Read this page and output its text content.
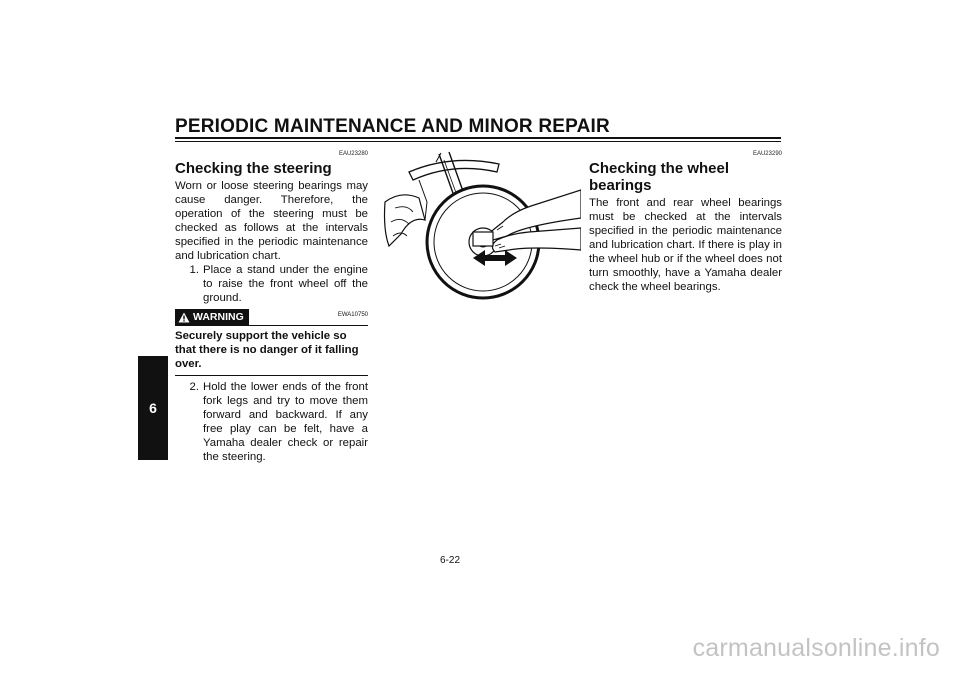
PERIODIC MAINTENANCE AND MINOR REPAIR
6
EAU23280
Checking the steering

Worn or loose steering bearings may cause danger. Therefore, the operation of the steering must be checked as follows at the intervals specified in the periodic maintenance and lubrication chart.

1. Place a stand under the engine to raise the front wheel off the ground.
WARNING	EWA10750

Securely support the vehicle so that there is no danger of it falling over.

2. Hold the lower ends of the front fork legs and try to move them forward and backward. If any free play can be felt, have a Yamaha dealer check or repair the steering.
EAU23290
Checking the wheel bearings

The front and rear wheel bearings must be checked at the intervals specified in the periodic maintenance and lubrication chart. If there is play in the wheel hub or if the wheel does not turn smoothly, have a Yamaha dealer check the wheel bearings.

6-22
carmanualsonline.info
